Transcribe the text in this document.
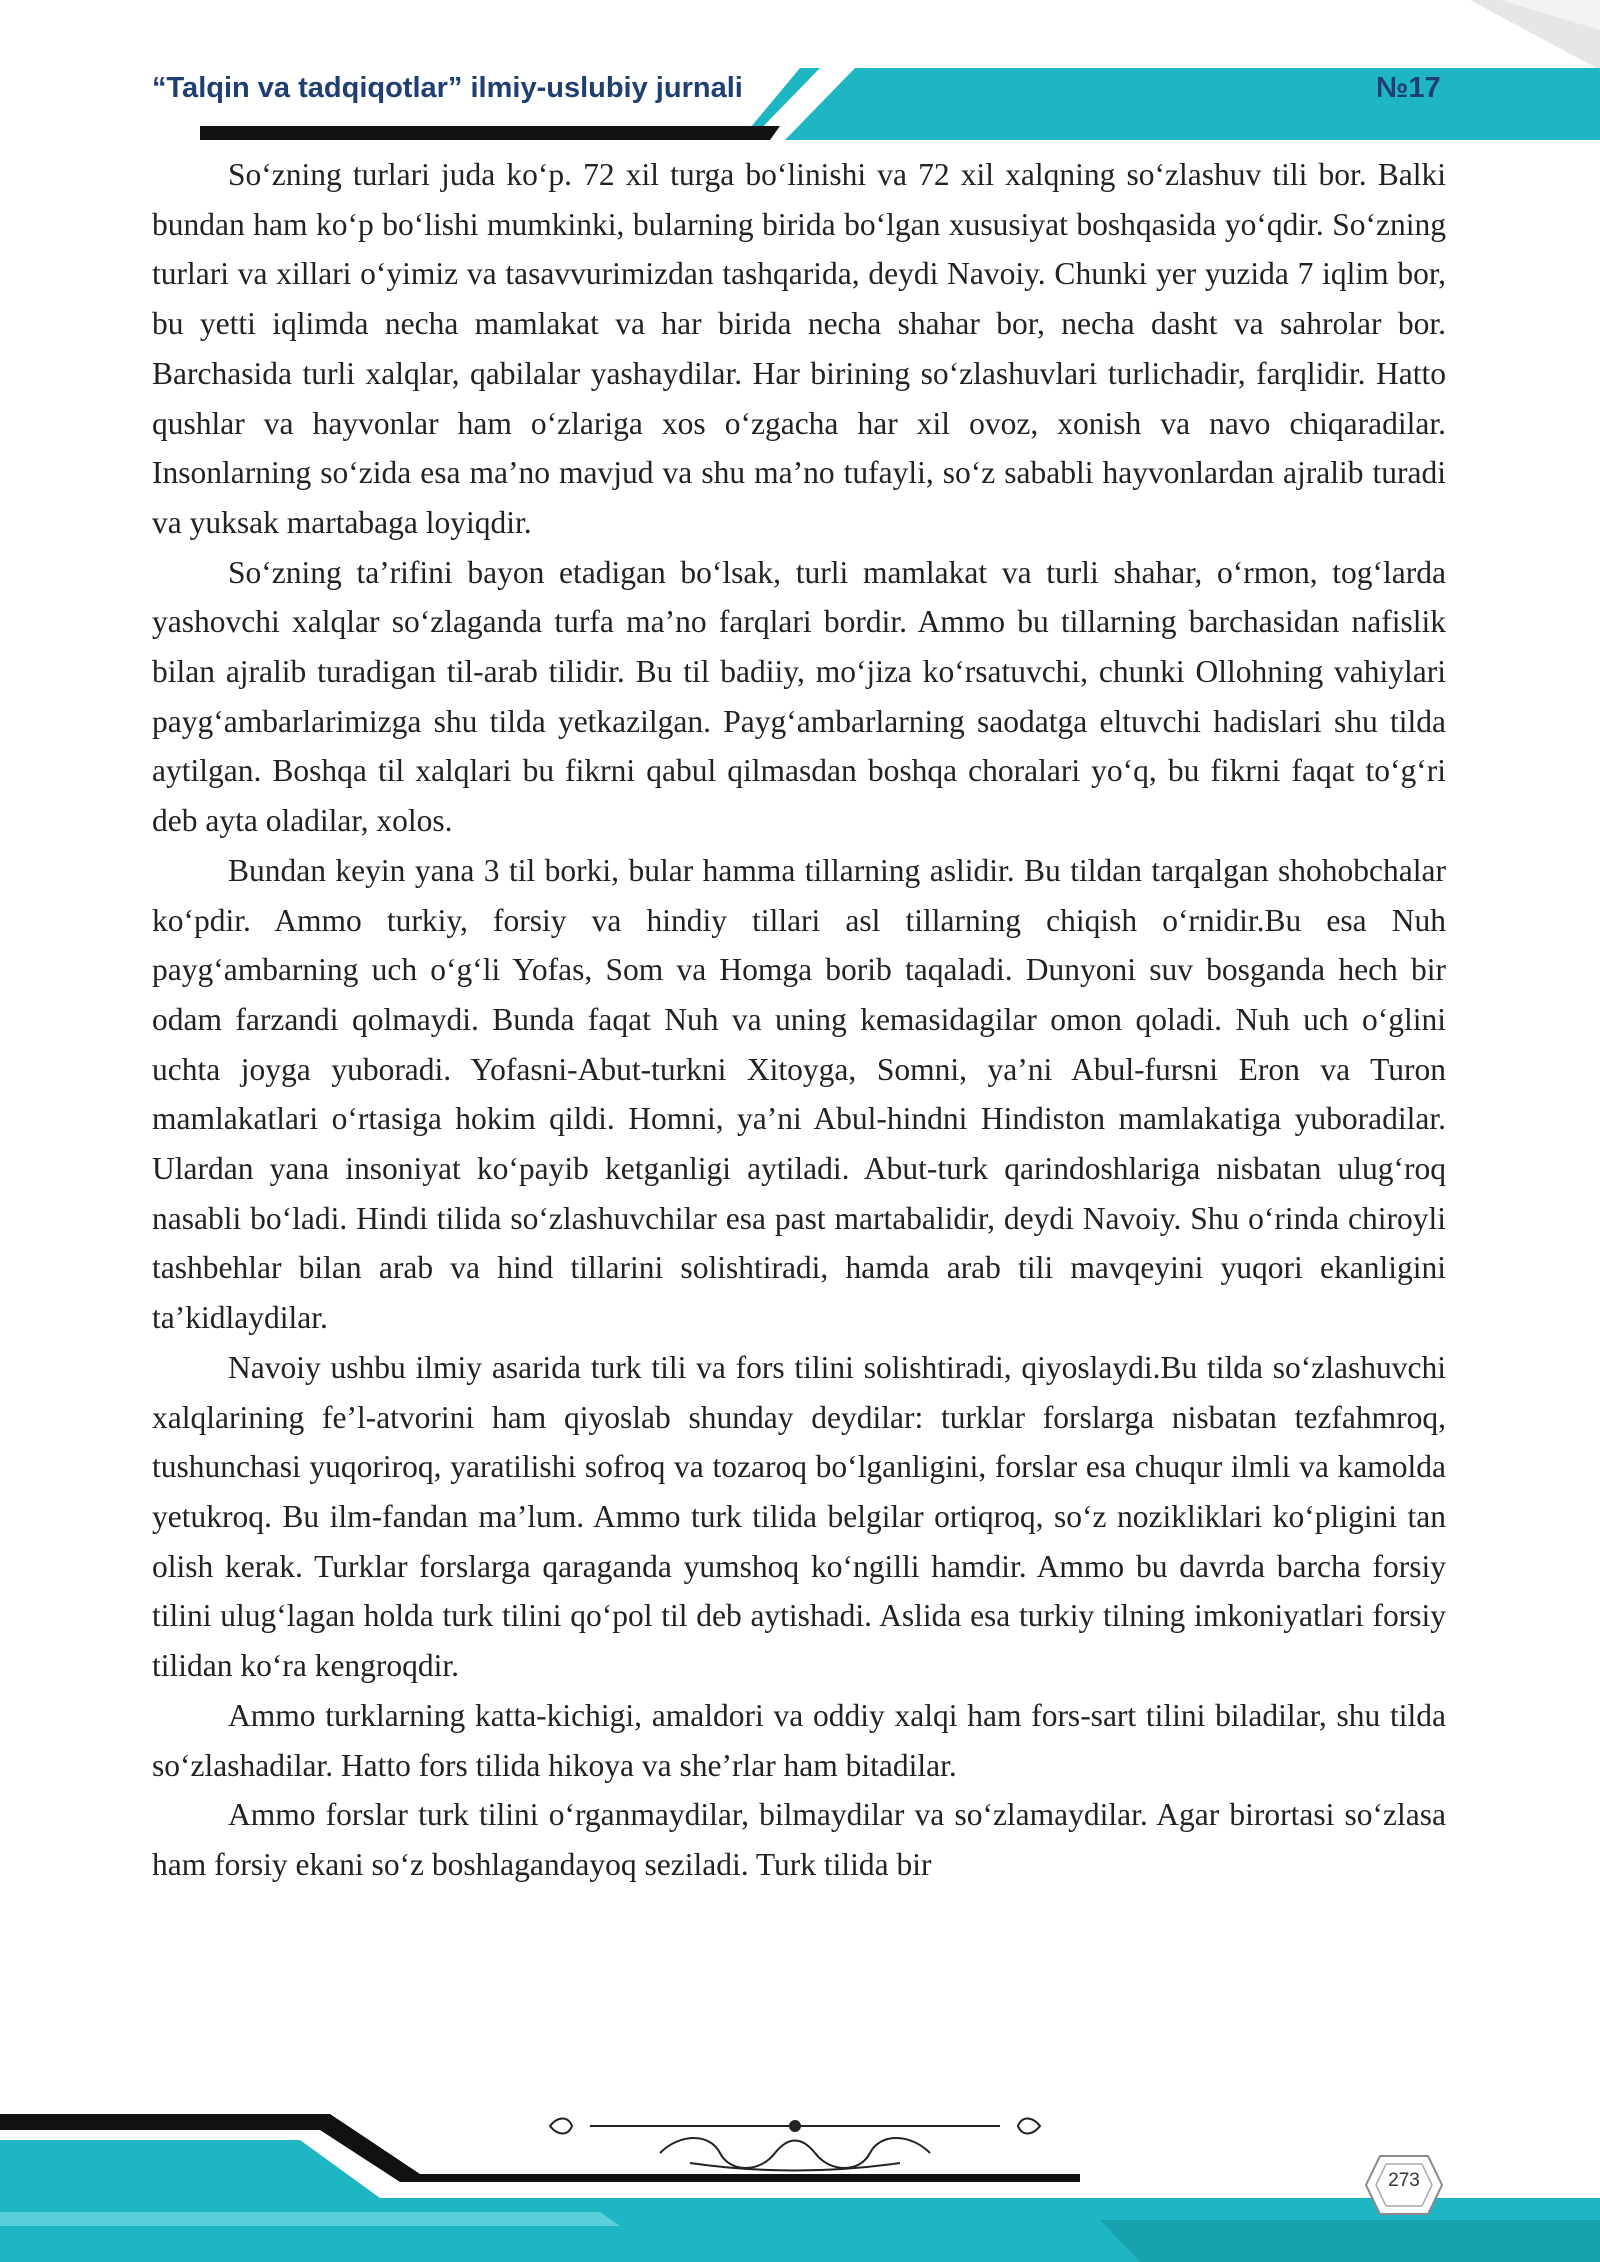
“Talqin va tadqiqotlar” ilmiy-uslubiy jurnali	№17

So‘zning turlari juda ko‘p. 72 xil turga bo‘linishi va 72 xil xalqning so‘zlashuv tili bor. Balki bundan ham ko‘p bo‘lishi mumkinki, bularning birida bo‘lgan xususiyat boshqasida yo‘qdir. So‘zning turlari va xillari o‘yimiz va tasavvurimizdan tashqarida, deydi Navoiy. Chunki yer yuzida 7 iqlim bor, bu yetti iqlimda necha mamlakat va har birida necha shahar bor, necha dasht va sahrolar bor. Barchasida turli xalqlar, qabilalar yashaydilar. Har birining so‘zlashuvlari turlichadir, farqlidir. Hatto qushlar va hayvonlar ham o‘zlariga xos o‘zgacha har xil ovoz, xonish va navo chiqaradilar. Insonlarning so‘zida esa ma’no mavjud va shu ma’no tufayli, so‘z sababli hayvonlardan ajralib turadi va yuksak martabaga loyiqdir.

So‘zning ta’rifini bayon etadigan bo‘lsak, turli mamlakat va turli shahar, o‘rmon, tog‘larda yashovchi xalqlar so‘zlaganda turfa ma’no farqlari bordir. Ammo bu tillarning barchasidan nafislik bilan ajralib turadigan til-arab tilidir. Bu til badiiy, mo‘jiza ko‘rsatuvchi, chunki Ollohning vahiylari payg‘ambarlarimizga shu tilda yetkazilgan. Payg‘ambarlarning saodatga eltuvchi hadislari shu tilda aytilgan. Boshqa til xalqlari bu fikrni qabul qilmasdan boshqa choralari yo‘q, bu fikrni faqat to‘g‘ri deb ayta oladilar, xolos.

Bundan keyin yana 3 til borki, bular hamma tillarning aslidir. Bu tildan tarqalgan shohobchalar ko‘pdir. Ammo turkiy, forsiy va hindiy tillari asl tillarning chiqish o‘rnidir.Bu esa Nuh payg‘ambarning uch o‘g‘li Yofas, Som va Homga borib taqaladi. Dunyoni suv bosganda hech bir odam farzandi qolmaydi. Bunda faqat Nuh va uning kemasidagilar omon qoladi. Nuh uch o‘glini uchta joyga yuboradi. Yofasni-Abut-turkni Xitoyga, Somni, ya’ni Abul-fursni Eron va Turon mamlakatlari o‘rtasiga hokim qildi. Homni, ya’ni Abul-hindni Hindiston mamlakatiga yuboradilar. Ulardan yana insoniyat ko‘payib ketganligi aytiladi. Abut-turk qarindoshlariga nisbatan ulug‘roq nasabli bo‘ladi. Hindi tilida so‘zlashuvchilar esa past martabalidir, deydi Navoiy. Shu o‘rinda chiroyli tashbehlar bilan arab va hind tillarini solishtiradi, hamda arab tili mavqeyini yuqori ekanligini ta’kidlaydilar.

Navoiy ushbu ilmiy asarida turk tili va fors tilini solishtiradi, qiyoslaydi.Bu tilda so‘zlashuvchi xalqlarining fe’l-atvorini ham qiyoslab shunday deydilar: turklar forslarga nisbatan tezfahmroq, tushunchasi yuqoriroq, yaratilishi sofroq va tozaroq bo‘lganligini, forslar esa chuqur ilmli va kamolda yetukroq. Bu ilm-fandan ma’lum. Ammo turk tilida belgilar ortiqroq, so‘z nozikliklari ko‘pligini tan olish kerak. Turklar forslarga qaraganda yumshoq ko‘ngilli hamdir. Ammo bu davrda barcha forsiy tilini ulug‘lagan holda turk tilini qo‘pol til deb aytishadi. Aslida esa turkiy tilning imkoniyatlari forsiy tilidan ko‘ra kengroqdir.

Ammo turklarning katta-kichigi, amaldori va oddiy xalqi ham fors-sart tilini biladilar, shu tilda so‘zlashadilar. Hatto fors tilida hikoya va she’rlar ham bitadilar.

Ammo forslar turk tilini o‘rganmaydilar, bilmaydilar va so‘zlamaydilar. Agar birortasi so‘zlasa ham forsiy ekani so‘z boshlagandayoq seziladi. Turk tilida bir

273
